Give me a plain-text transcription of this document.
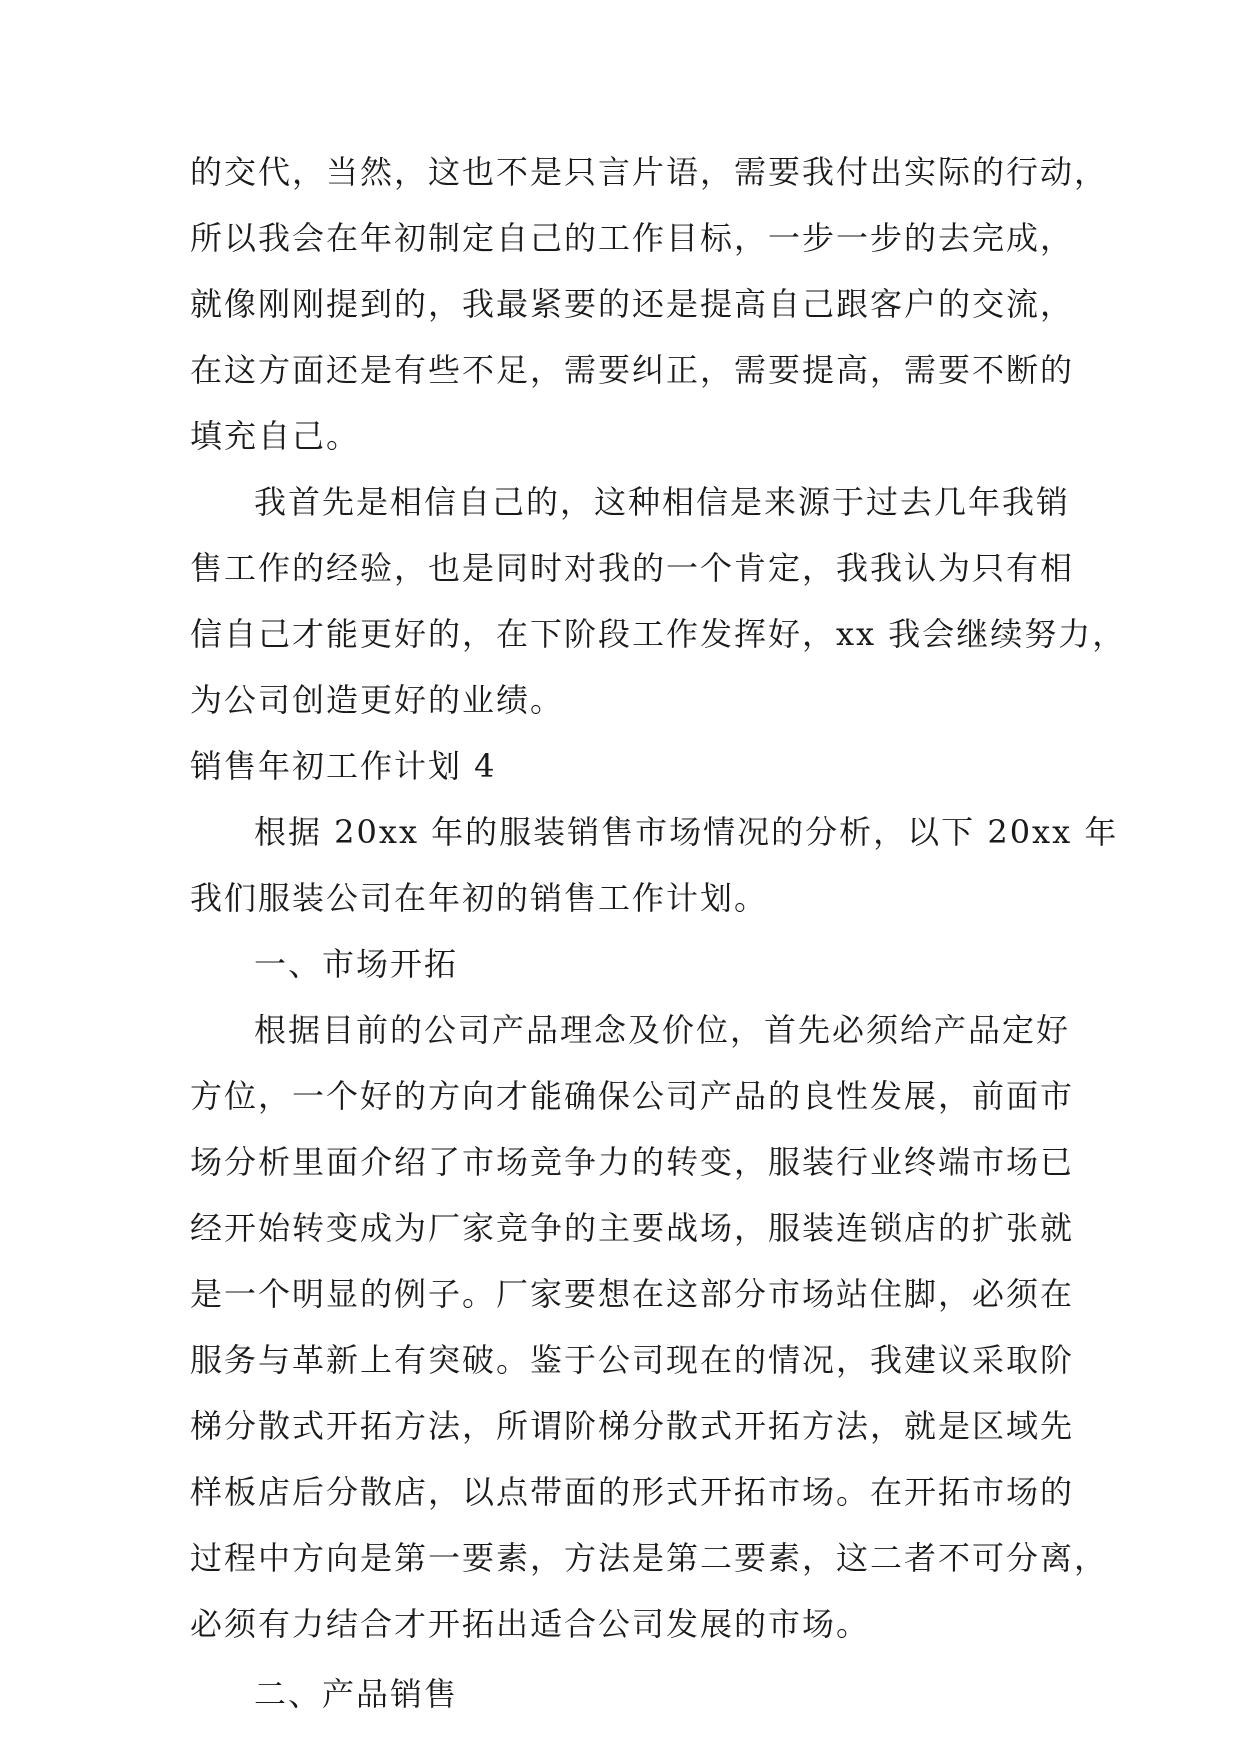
的交代，当然，这也不是只言片语，需要我付出实际的行动，
所以我会在年初制定自己的工作目标，一步一步的去完成，
就像刚刚提到的，我最紧要的还是提高自己跟客户的交流，
在这方面还是有些不足，需要纠正，需要提高，需要不断的
填充自己。
我首先是相信自己的，这种相信是来源于过去几年我销
售工作的经验，也是同时对我的一个肯定，我我认为只有相
信自己才能更好的，在下阶段工作发挥好，xx 我会继续努力，
为公司创造更好的业绩。
销售年初工作计划 4
根据 20xx 年的服装销售市场情况的分析，以下 20xx 年
我们服装公司在年初的销售工作计划。
一、市场开拓
根据目前的公司产品理念及价位，首先必须给产品定好
方位，一个好的方向才能确保公司产品的良性发展，前面市
场分析里面介绍了市场竞争力的转变，服装行业终端市场已
经开始转变成为厂家竞争的主要战场，服装连锁店的扩张就
是一个明显的例子。厂家要想在这部分市场站住脚，必须在
服务与革新上有突破。鉴于公司现在的情况，我建议采取阶
梯分散式开拓方法，所谓阶梯分散式开拓方法，就是区域先
样板店后分散店，以点带面的形式开拓市场。在开拓市场的
过程中方向是第一要素，方法是第二要素，这二者不可分离，
必须有力结合才开拓出适合公司发展的市场。
二、产品销售
